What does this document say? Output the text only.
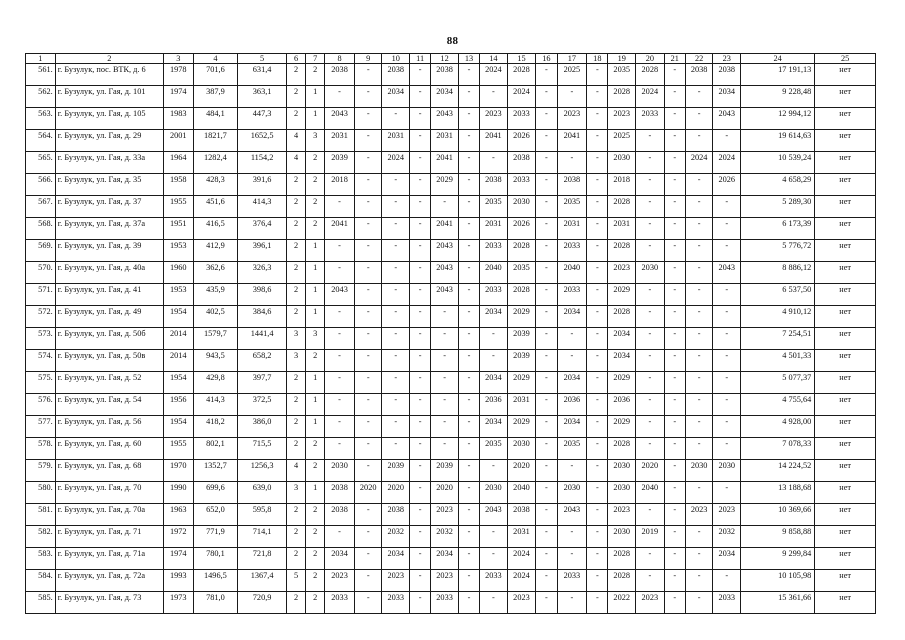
88
1	2	3	4	5	6	7	8	9	10	11	12	13	14	15	16	17	18	19	20	21	22	23	24	25
561.	г. Бузулук, пос. ВТК, д. 6	1978	701,6	631,4	2	2	2038	-	2038	-	2038	-	2024	2028	-	2025	-	2035	2028	-	2038	2038	17 191,13	нет
562.	г. Бузулук, ул. Гая, д. 101	1974	387,9	363,1	2	1	-	-	2034	-	2034	-	-	2024	-	-	-	2028	2024	-	-	2034	9 228,48	нет
563.	г. Бузулук, ул. Гая, д. 105	1983	484,1	447,3	2	1	2043	-	-	-	2043	-	2023	2033	-	2023	-	2023	2033	-	-	2043	12 994,12	нет
564.	г. Бузулук, ул. Гая, д. 29	2001	1821,7	1652,5	4	3	2031	-	2031	-	2031	-	2041	2026	-	2041	-	2025	-	-	-	-	19 614,63	нет
565.	г. Бузулук, ул. Гая, д. 33а	1964	1282,4	1154,2	4	2	2039	-	2024	-	2041	-	-	2038	-	-	-	2030	-	-	2024	2024	10 539,24	нет
566.	г. Бузулук, ул. Гая, д. 35	1958	428,3	391,6	2	2	2018	-	-	-	2029	-	2038	2033	-	2038	-	2018	-	-	-	2026	4 658,29	нет
567.	г. Бузулук, ул. Гая, д. 37	1955	451,6	414,3	2	2	-	-	-	-	-	-	2035	2030	-	2035	-	2028	-	-	-	-	5 289,30	нет
568.	г. Бузулук, ул. Гая, д. 37а	1951	416,5	376,4	2	2	2041	-	-	-	2041	-	2031	2026	-	2031	-	2031	-	-	-	-	6 173,39	нет
569.	г. Бузулук, ул. Гая, д. 39	1953	412,9	396,1	2	1	-	-	-	-	2043	-	2033	2028	-	2033	-	2028	-	-	-	-	5 776,72	нет
570.	г. Бузулук, ул. Гая, д. 40а	1960	362,6	326,3	2	1	-	-	-	-	2043	-	2040	2035	-	2040	-	2023	2030	-	-	2043	8 886,12	нет
571.	г. Бузулук, ул. Гая, д. 41	1953	435,9	398,6	2	1	2043	-	-	-	2043	-	2033	2028	-	2033	-	2029	-	-	-	-	6 537,50	нет
572.	г. Бузулук, ул. Гая, д. 49	1954	402,5	384,6	2	1	-	-	-	-	-	-	2034	2029	-	2034	-	2028	-	-	-	-	4 910,12	нет
573.	г. Бузулук, ул. Гая, д. 50б	2014	1579,7	1441,4	3	3	-	-	-	-	-	-	-	2039	-	-	-	2034	-	-	-	-	7 254,51	нет
574.	г. Бузулук, ул. Гая, д. 50в	2014	943,5	658,2	3	2	-	-	-	-	-	-	-	2039	-	-	-	2034	-	-	-	-	4 501,33	нет
575.	г. Бузулук, ул. Гая, д. 52	1954	429,8	397,7	2	1	-	-	-	-	-	-	2034	2029	-	2034	-	2029	-	-	-	-	5 077,37	нет
576.	г. Бузулук, ул. Гая, д. 54	1956	414,3	372,5	2	1	-	-	-	-	-	-	2036	2031	-	2036	-	2036	-	-	-	-	4 755,64	нет
577.	г. Бузулук, ул. Гая, д. 56	1954	418,2	386,0	2	1	-	-	-	-	-	-	2034	2029	-	2034	-	2029	-	-	-	-	4 928,00	нет
578.	г. Бузулук, ул. Гая, д. 60	1955	802,1	715,5	2	2	-	-	-	-	-	-	2035	2030	-	2035	-	2028	-	-	-	-	7 078,33	нет
579.	г. Бузулук, ул. Гая, д. 68	1970	1352,7	1256,3	4	2	2030	-	2039	-	2039	-	-	2020	-	-	-	2030	2020	-	2030	2030	14 224,52	нет
580.	г. Бузулук, ул. Гая, д. 70	1990	699,6	639,0	3	1	2038	2020	2020	-	2020	-	2030	2040	-	2030	-	2030	2040	-	-	-	13 188,68	нет
581.	г. Бузулук, ул. Гая, д. 70а	1963	652,0	595,8	2	2	2038	-	2038	-	2023	-	2043	2038	-	2043	-	2023	-	-	2023	2023	10 369,66	нет
582.	г. Бузулук, ул. Гая, д. 71	1972	771,9	714,1	2	2	-	-	2032	-	2032	-	-	2031	-	-	-	2030	2019	-	-	2032	9 858,88	нет
583.	г. Бузулук, ул. Гая, д. 71а	1974	780,1	721,8	2	2	2034	-	2034	-	2034	-	-	2024	-	-	-	2028	-	-	-	2034	9 299,84	нет
584.	г. Бузулук, ул. Гая, д. 72а	1993	1496,5	1367,4	5	2	2023	-	2023	-	2023	-	2033	2024	-	2033	-	2028	-	-	-	-	10 105,98	нет
585.	г. Бузулук, ул. Гая, д. 73	1973	781,0	720,9	2	2	2033	-	2033	-	2033	-	-	2023	-	-	-	2022	2023	-	-	2033	15 361,66	нет
